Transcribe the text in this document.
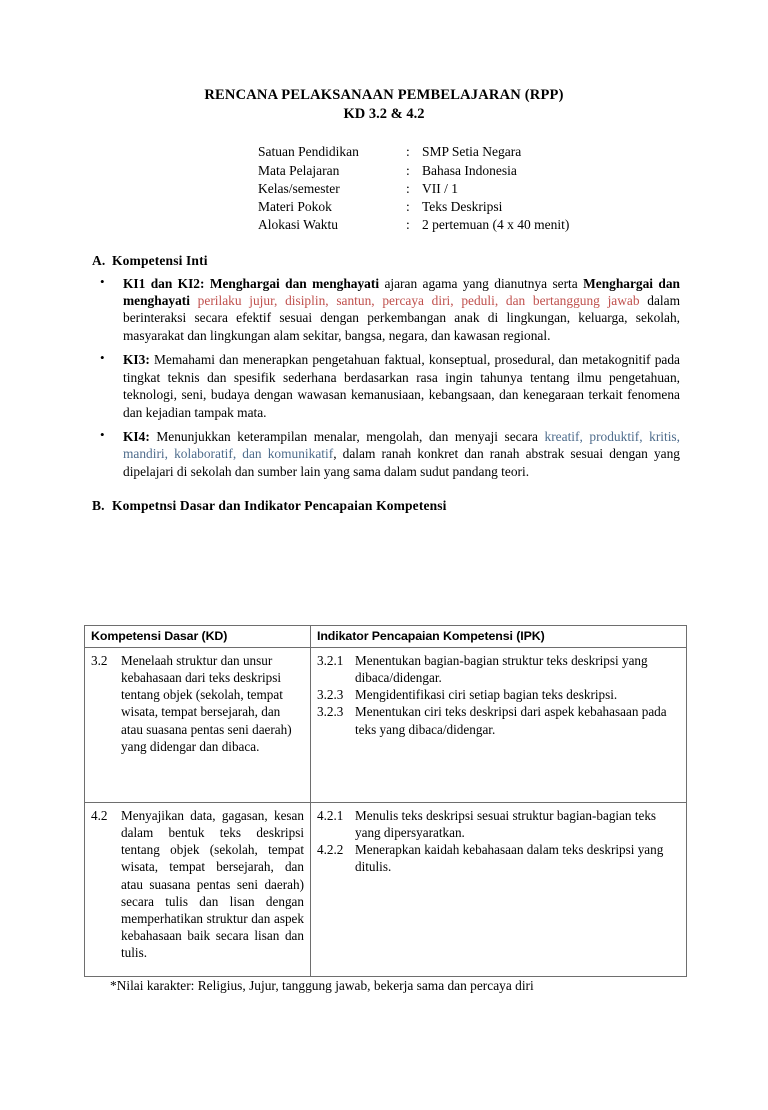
RENCANA PELAKSANAAN PEMBELAJARAN (RPP)
KD 3.2 & 4.2
Satuan Pendidikan	:	SMP Setia Negara
Mata Pelajaran	:	Bahasa Indonesia
Kelas/semester	:	VII / 1
Materi Pokok	:	Teks Deskripsi
Alokasi Waktu	:	2 pertemuan (4 x 40 menit)
A. Kompetensi Inti
• KI1 dan KI2: Menghargai dan menghayati ajaran agama yang dianutnya serta Menghargai dan menghayati perilaku jujur, disiplin, santun, percaya diri, peduli, dan bertanggung jawab dalam berinteraksi secara efektif sesuai dengan perkembangan anak di lingkungan, keluarga, sekolah, masyarakat dan lingkungan alam sekitar, bangsa, negara, dan kawasan regional.
• KI3: Memahami dan menerapkan pengetahuan faktual, konseptual, prosedural, dan metakognitif pada tingkat teknis dan spesifik sederhana berdasarkan rasa ingin tahunya tentang ilmu pengetahuan, teknologi, seni, budaya dengan wawasan kemanusiaan, kebangsaan, dan kenegaraan terkait fenomena dan kejadian tampak mata.
• KI4: Menunjukkan keterampilan menalar, mengolah, dan menyaji secara kreatif, produktif, kritis, mandiri, kolaboratif, dan komunikatif, dalam ranah konkret dan ranah abstrak sesuai dengan yang dipelajari di sekolah dan sumber lain yang sama dalam sudut pandang teori.
B. Kompetnsi Dasar dan Indikator Pencapaian Kompetensi
Kompetensi Dasar (KD)	Indikator Pencapaian Kompetensi (IPK)

3.2 Menelaah struktur dan unsur kebahasaan dari teks deskripsi tentang objek (sekolah, tempat wisata, tempat bersejarah, dan atau suasana pentas seni daerah) yang didengar dan dibaca.	3.2.1 Menentukan bagian-bagian struktur teks deskripsi yang dibaca/didengar.
3.2.3 Mengidentifikasi ciri setiap bagian teks deskripsi.
3.2.3 Menentukan ciri teks deskripsi dari aspek kebahasaan pada teks yang dibaca/didengar.

4.2 Menyajikan data, gagasan, kesan dalam bentuk teks deskripsi tentang objek (sekolah, tempat wisata, tempat bersejarah, dan atau suasana pentas seni daerah) secara tulis dan lisan dengan memperhatikan struktur dan aspek kebahasaan baik secara lisan dan tulis.	4.2.1 Menulis teks deskripsi sesuai struktur bagian-bagian teks yang dipersyaratkan.
4.2.2 Menerapkan kaidah kebahasaan dalam teks deskripsi yang ditulis.
*Nilai karakter: Religius, Jujur, tanggung jawab, bekerja sama dan percaya diri
